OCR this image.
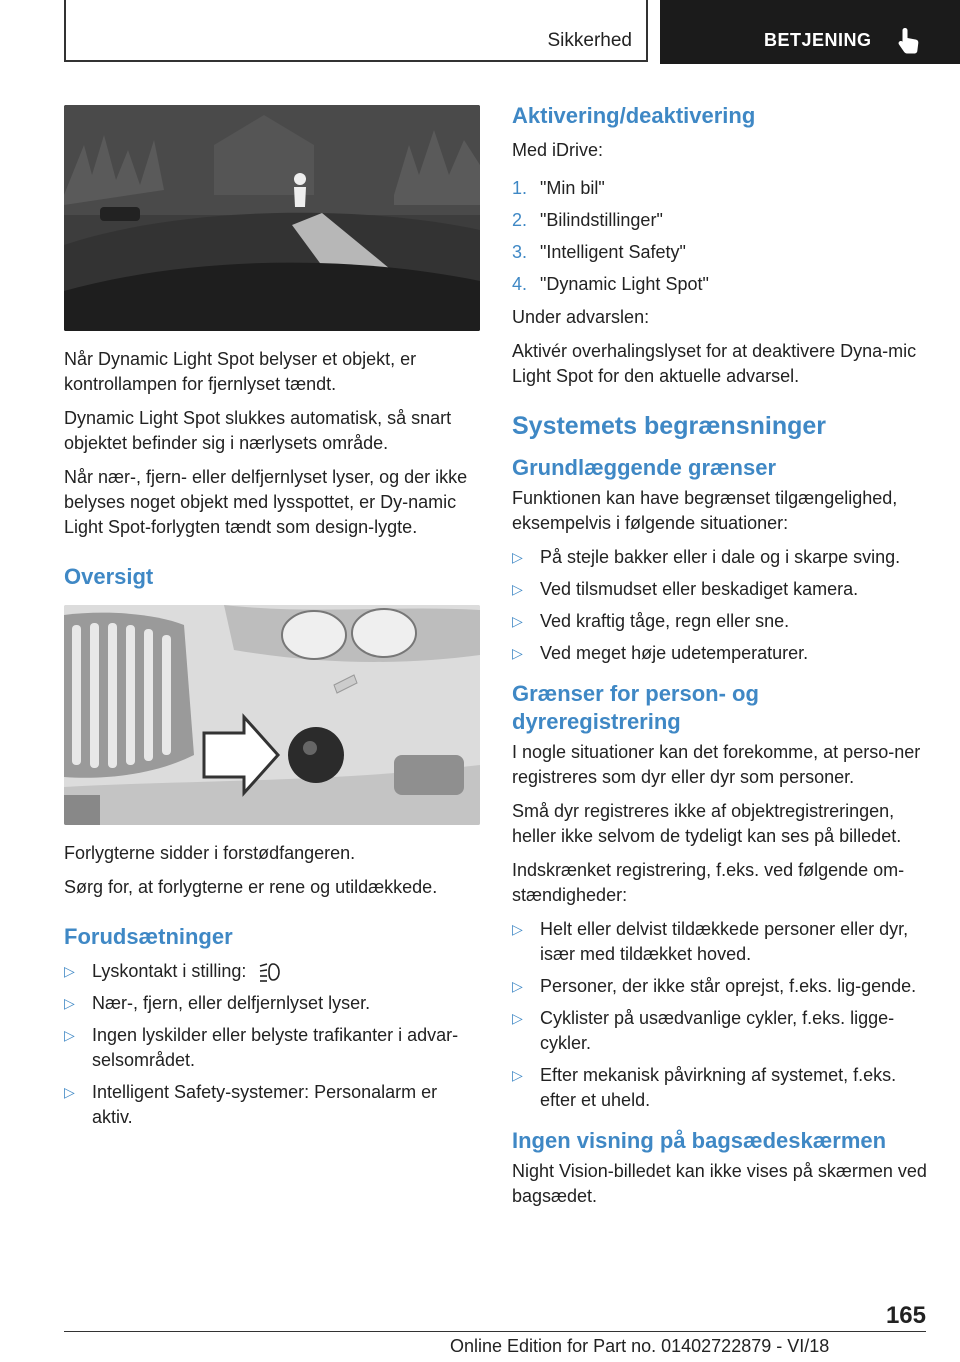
Sikkerhed	BETJENING

Når Dynamic Light Spot belyser et objekt, er kontrollampen for fjernlyset tændt.

Dynamic Light Spot slukkes automatisk, så snart objektet befinder sig i nærlysets område.

Når nær-, fjern- eller delfjernlyset lyser, og der ikke belyses noget objekt med lysspottet, er Dy‐namic Light Spot-forlygten tændt som design‐lygte.

Oversigt

Forlygterne sidder i forstødfangeren.

Sørg for, at forlygterne er rene og utildækkede.

Forudsætninger
▷ Lyskontakt i stilling:
▷ Nær-, fjern, eller delfjernlyset lyser.
▷ Ingen lyskilder eller belyste trafikanter i advar‐selsområdet.
▷ Intelligent Safety-systemer: Personalarm er aktiv.
Aktivering/deaktivering

Med iDrive:

1. "Min bil"
2. "Bilindstillinger"
3. "Intelligent Safety"
4. "Dynamic Light Spot"

Under advarslen:

Aktivér overhalingslyset for at deaktivere Dyna‐mic Light Spot for den aktuelle advarsel.

Systemets begrænsninger
Grundlæggende grænser

Funktionen kan have begrænset tilgængelighed, eksempelvis i følgende situationer:

▷ På stejle bakker eller i dale og i skarpe sving.
▷ Ved tilsmudset eller beskadiget kamera.
▷ Ved kraftig tåge, regn eller sne.
▷ Ved meget høje udetemperaturer.
Grænser for person- og dyreregistrering

I nogle situationer kan det forekomme, at perso‐ner registreres som dyr eller dyr som personer.

Små dyr registreres ikke af objektregistreringen, heller ikke selvom de tydeligt kan ses på billedet.

Indskrænket registrering, f.eks. ved følgende om‐stændigheder:

▷ Helt eller delvist tildækkede personer eller dyr, især med tildækket hoved.
▷ Personer, der ikke står oprejst, f.eks. lig‐gende.
▷ Cyklister på usædvanlige cykler, f.eks. ligge‐cykler.
▷ Efter mekanisk påvirkning af systemet, f.eks. efter et uheld.
Ingen visning på bagsædeskærmen

Night Vision-billedet kan ikke vises på skærmen ved bagsædet.

165
Online Edition for Part no. 01402722879 - VI/18
